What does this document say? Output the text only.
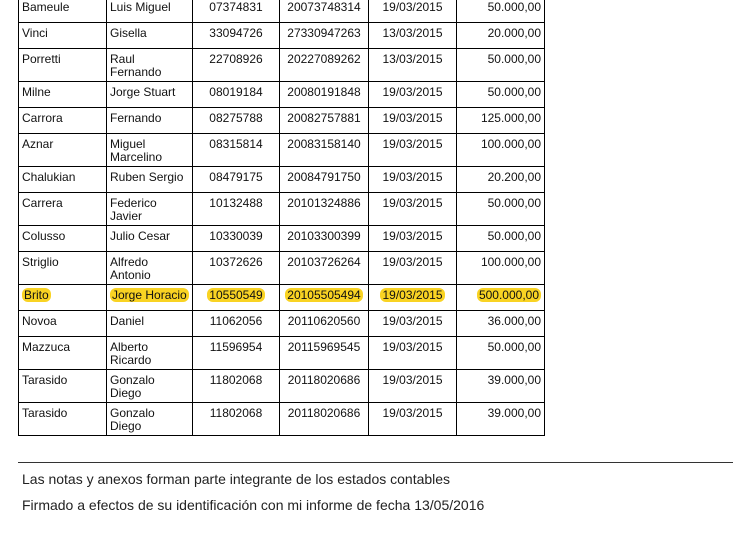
Bameule	Luis Miguel	07374831	20073748314	19/03/2015	50.000,00
Vinci	Gisella	33094726	27330947263	13/03/2015	20.000,00
Porretti	Raul Fernando	22708926	20227089262	13/03/2015	50.000,00
Milne	Jorge Stuart	08019184	20080191848	19/03/2015	50.000,00
Carrora	Fernando	08275788	20082757881	19/03/2015	125.000,00
Aznar	Miguel Marcelino	08315814	20083158140	19/03/2015	100.000,00
Chalukian	Ruben Sergio	08479175	20084791750	19/03/2015	20.200,00
Carrera	Federico Javier	10132488	20101324886	19/03/2015	50.000,00
Colusso	Julio Cesar	10330039	20103300399	19/03/2015	50.000,00
Striglio	Alfredo Antonio	10372626	20103726264	19/03/2015	100.000,00
Brito	Jorge Horacio	10550549	20105505494	19/03/2015	500.000,00
Novoa	Daniel	11062056	20110620560	19/03/2015	36.000,00
Mazzuca	Alberto Ricardo	11596954	20115969545	19/03/2015	50.000,00
Tarasido	Gonzalo Diego	11802068	20118020686	19/03/2015	39.000,00
Tarasido	Gonzalo Diego	11802068	20118020686	19/03/2015	39.000,00
Las notas y anexos forman parte integrante de los estados contables
Firmado a efectos de su identificación con mi informe de fecha 13/05/2016
